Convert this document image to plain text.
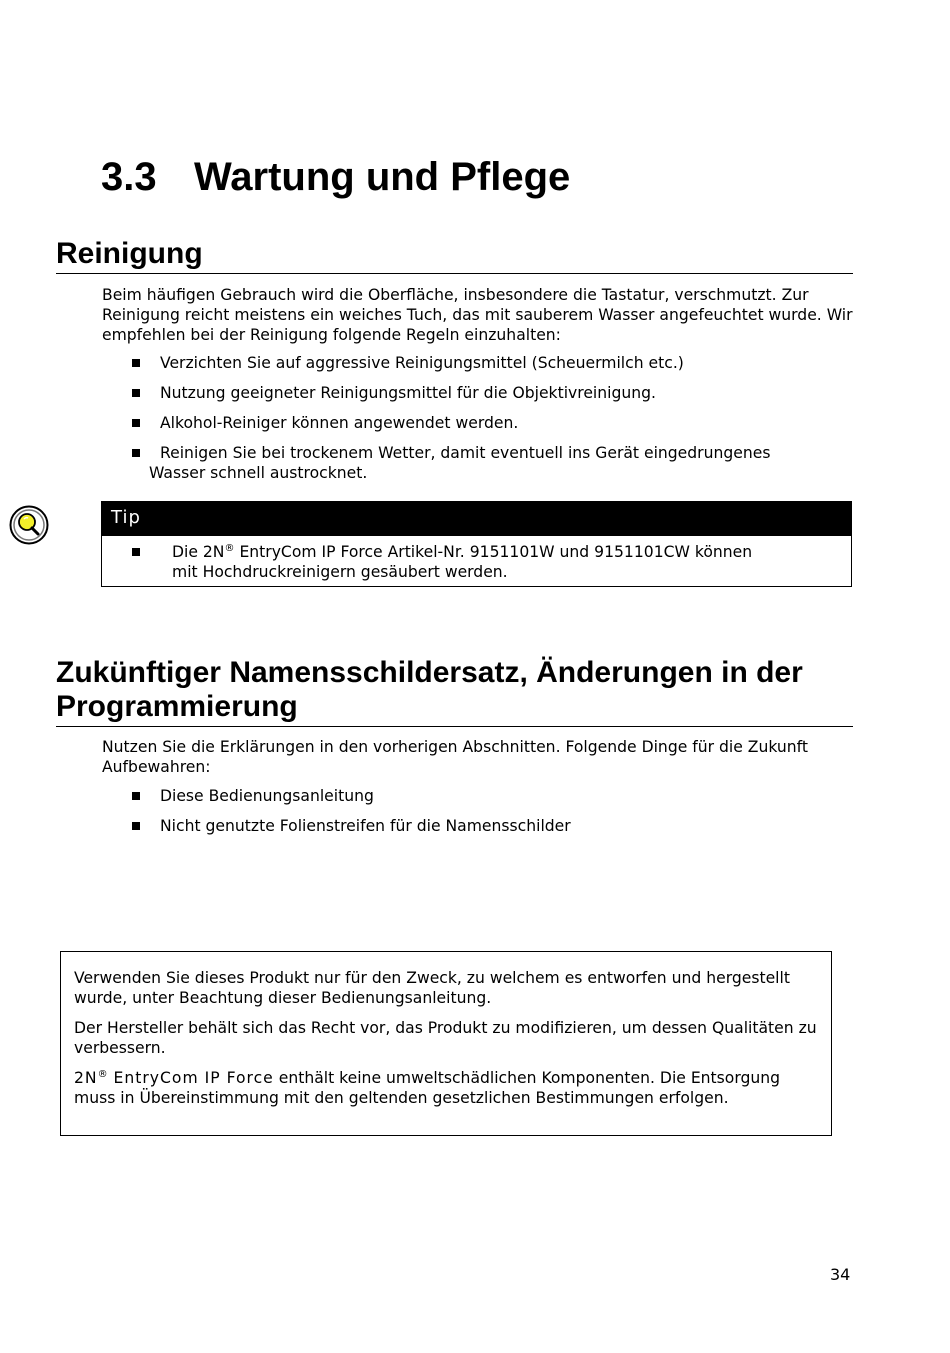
3.3 Wartung und Pflege
Reinigung

Beim häufigen Gebrauch wird die Oberfläche, insbesondere die Tastatur, verschmutzt. Zur Reinigung reicht meistens ein weiches Tuch, das mit sauberem Wasser angefeuchtet wurde. Wir empfehlen bei der Reinigung folgende Regeln einzuhalten:

Verzichten Sie auf aggressive Reinigungsmittel (Scheuermilch etc.)
Nutzung geeigneter Reinigungsmittel für die Objektivreinigung.
Alkohol-Reiniger können angewendet werden.
Reinigen Sie bei trockenem Wetter, damit eventuell ins Gerät eingedrungenes
Wasser schnell austrocknet.
Tip
Die 2N® EntryCom IP Force Artikel-Nr. 9151101W und 9151101CW können
mit Hochdruckreinigern gesäubert werden.
Zukünftiger Namensschildersatz, Änderungen in der
Programmierung

Nutzen Sie die Erklärungen in den vorherigen Abschnitten. Folgende Dinge für die Zukunft Aufbewahren:

Diese Bedienungsanleitung
Nicht genutzte Folienstreifen für die Namensschilder

Verwenden Sie dieses Produkt nur für den Zweck, zu welchem es entworfen und hergestellt wurde, unter Beachtung dieser Bedienungsanleitung.

Der Hersteller behält sich das Recht vor, das Produkt zu modifizieren, um dessen Qualitäten zu verbessern.

2N® EntryCom IP Force enthält keine umweltschädlichen Komponenten. Die Entsorgung muss in Übereinstimmung mit den geltenden gesetzlichen Bestimmungen erfolgen.

34
